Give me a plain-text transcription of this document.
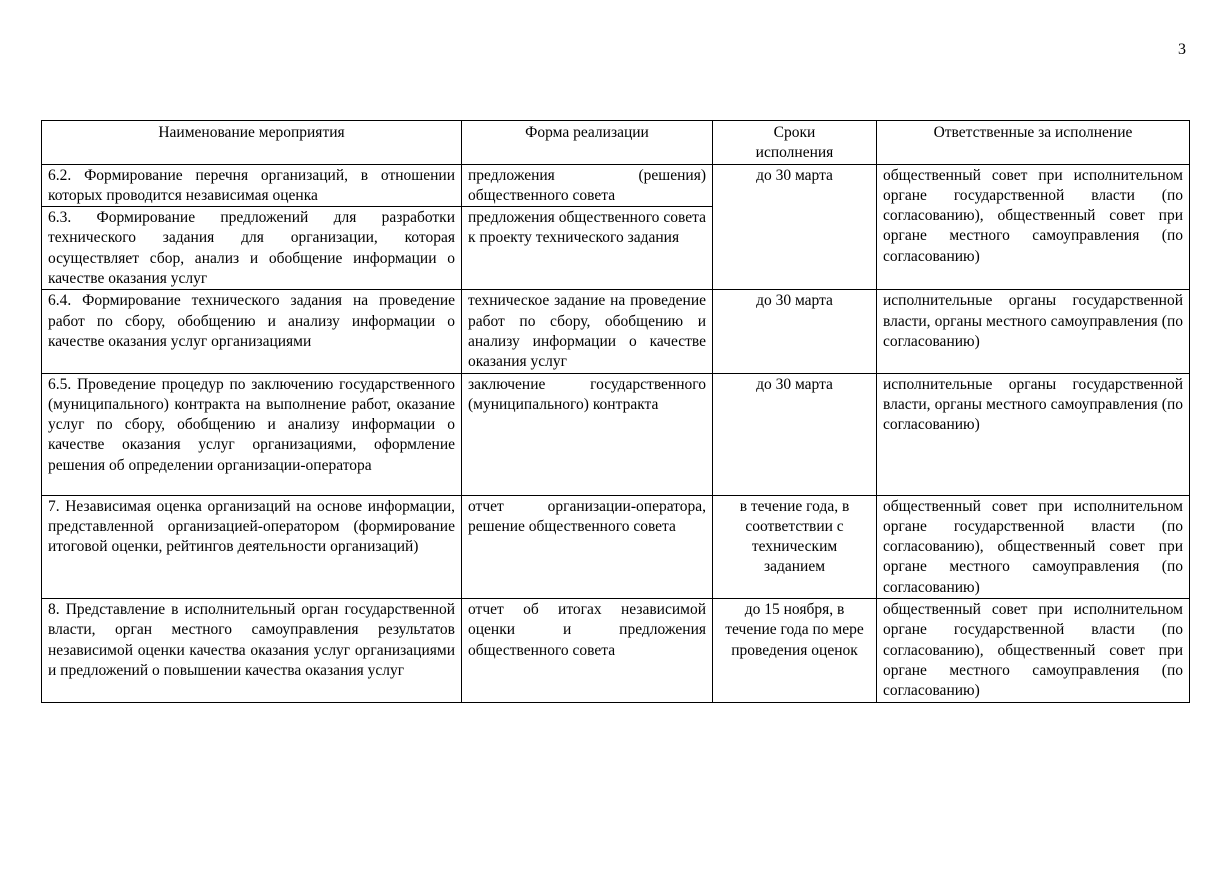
3
Наименование мероприятия	Форма реализации	Сроки исполнения	Ответственные за исполнение
6.2. Формирование перечня организаций, в отношении которых проводится независимая оценка	предложения (решения) общественного совета	до 30 марта	общественный совет при исполнительном органе государственной власти (по согласованию), общественный совет при органе местного самоуправления (по согласованию)
6.3. Формирование предложений для разработки технического задания для организации, которая осуществляет сбор, анализ и обобщение информации о качестве оказания услуг	предложения общественного совета к проекту технического задания		
6.4. Формирование технического задания на проведение работ по сбору, обобщению и анализу информации о качестве оказания услуг организациями	техническое задание на проведение работ по сбору, обобщению и анализу информации о качестве оказания услуг	до 30 марта	исполнительные органы государственной власти, органы местного самоуправления (по согласованию)
6.5. Проведение процедур по заключению государственного (муниципального) контракта на выполнение работ, оказание услуг по сбору, обобщению и анализу информации о качестве оказания услуг организациями, оформление решения об определении организации-оператора	заключение государственного (муниципального) контракта	до 30 марта	исполнительные органы государственной власти, органы местного самоуправления (по согласованию)
7. Независимая оценка организаций на основе информации, представленной организацией-оператором (формирование итоговой оценки, рейтингов деятельности организаций)	отчет организации-оператора, решение общественного совета	в течение года, в соответствии с техническим заданием	общественный совет при исполнительном органе государственной власти (по согласованию), общественный совет при органе местного самоуправления (по согласованию)
8. Представление в исполнительный орган государственной власти, орган местного самоуправления результатов независимой оценки качества оказания услуг организациями и предложений о повышении качества оказания услуг	отчет об итогах независимой оценки и предложения общественного совета	до 15 ноября, в течение года по мере проведения оценок	общественный совет при исполнительном органе государственной власти (по согласованию), общественный совет при органе местного самоуправления (по согласованию)
